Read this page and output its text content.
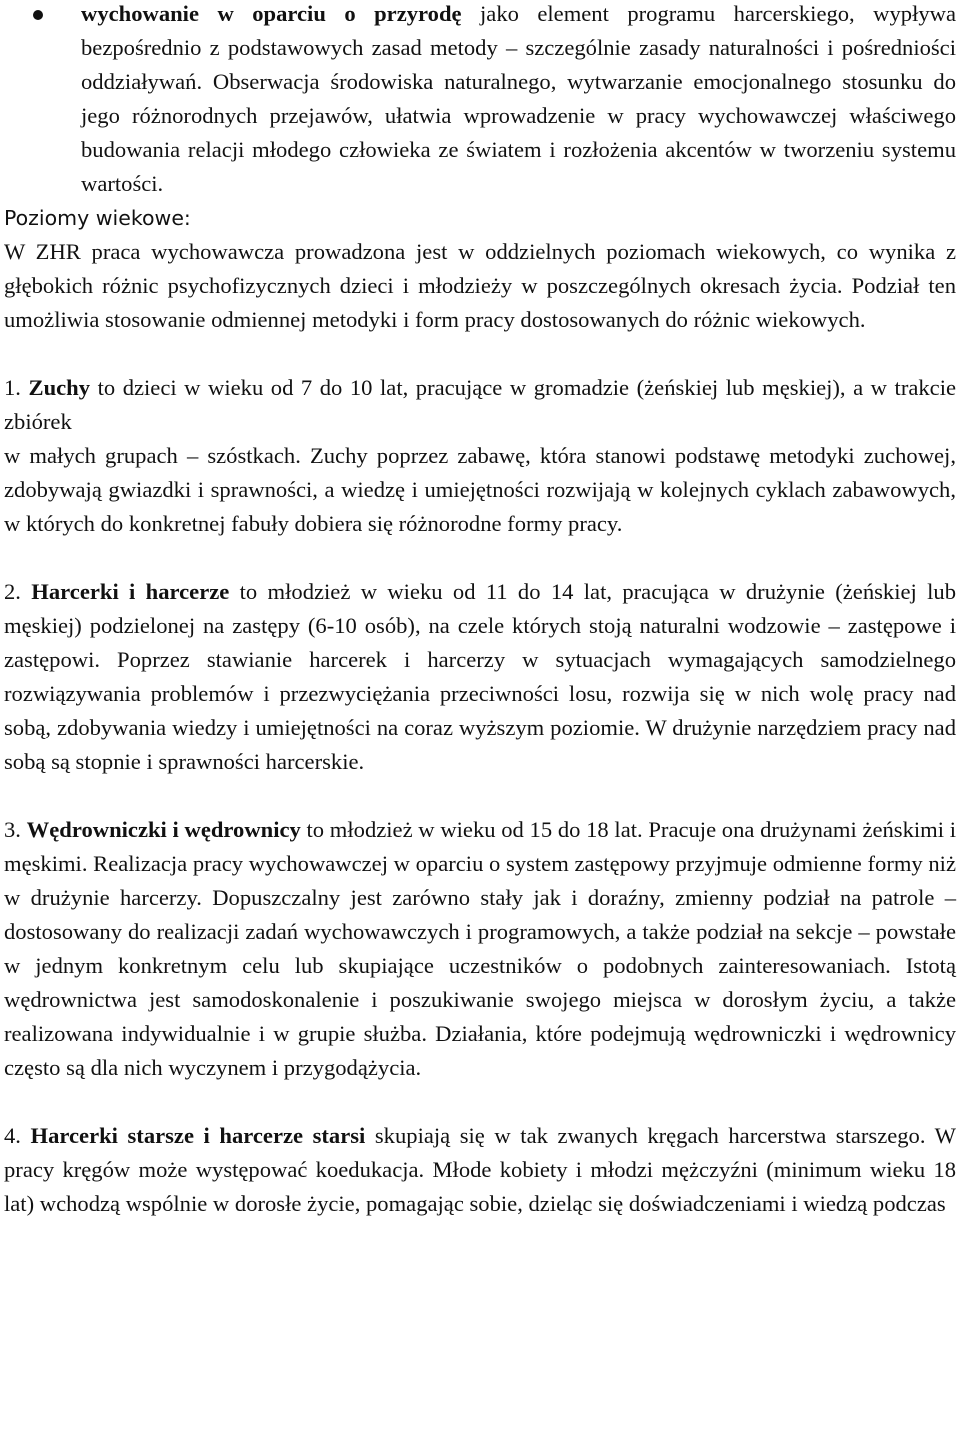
wychowanie w oparciu o przyrodę jako element programu harcerskiego, wypływa bezpośrednio z podstawowych zasad metody – szczególnie zasady naturalności i pośredniości oddziaływań. Obserwacja środowiska naturalnego, wytwarzanie emocjonalnego stosunku do jego różnorodnych przejawów, ułatwia wprowadzenie w pracy wychowawczej właściwego budowania relacji młodego człowieka ze światem i rozłożenia akcentów w tworzeniu systemu wartości.

Poziomy wiekowe:

W ZHR praca wychowawcza prowadzona jest w oddzielnych poziomach wiekowych, co wynika z głębokich różnic psychofizycznych dzieci i młodzieży w poszczególnych okresach życia. Podział ten umożliwia stosowanie odmiennej metodyki i form pracy dostosowanych do różnic wiekowych.

1. Zuchy to dzieci w wieku od 7 do 10 lat, pracujące w gromadzie (żeńskiej lub męskiej), a w trakcie zbiórek

w małych grupach – szóstkach. Zuchy poprzez zabawę, która stanowi podstawę metodyki zuchowej, zdobywają gwiazdki i sprawności, a wiedzę i umiejętności rozwijają w kolejnych cyklach zabawowych, w których do konkretnej fabuły dobiera się różnorodne formy pracy.

2. Harcerki i harcerze to młodzież w wieku od 11 do 14 lat, pracująca w drużynie (żeńskiej lub męskiej) podzielonej na zastępy (6-10 osób), na czele których stoją naturalni wodzowie – zastępowe i zastępowi. Poprzez stawianie harcerek i harcerzy w sytuacjach wymagających samodzielnego rozwiązywania problemów i przezwyciężania przeciwności losu, rozwija się w nich wolę pracy nad sobą, zdobywania wiedzy i umiejętności na coraz wyższym poziomie. W drużynie narzędziem pracy nad sobą są stopnie i sprawności harcerskie.

3. Wędrowniczki i wędrownicy to młodzież w wieku od 15 do 18 lat. Pracuje ona drużynami żeńskimi i męskimi. Realizacja pracy wychowawczej w oparciu o system zastępowy przyjmuje odmienne formy niż w drużynie harcerzy. Dopuszczalny jest zarówno stały jak i doraźny, zmienny podział na patrole – dostosowany do realizacji zadań wychowawczych i programowych, a także podział na sekcje – powstałe w jednym konkretnym celu lub skupiające uczestników o podobnych zainteresowaniach. Istotą wędrownictwa jest samodoskonalenie i poszukiwanie swojego miejsca w dorosłym życiu, a także realizowana indywidualnie i w grupie służba. Działania, które podejmują wędrowniczki i wędrownicy często są dla nich wyczynem i przygodążycia.

4. Harcerki starsze i harcerze starsi skupiają się w tak zwanych kręgach harcerstwa starszego. W pracy kręgów może występować koedukacja. Młode kobiety i młodzi mężczyźni (minimum wieku 18 lat) wchodzą wspólnie w dorosłe życie, pomagając sobie, dzieląc się doświadczeniami i wiedzą podczas
